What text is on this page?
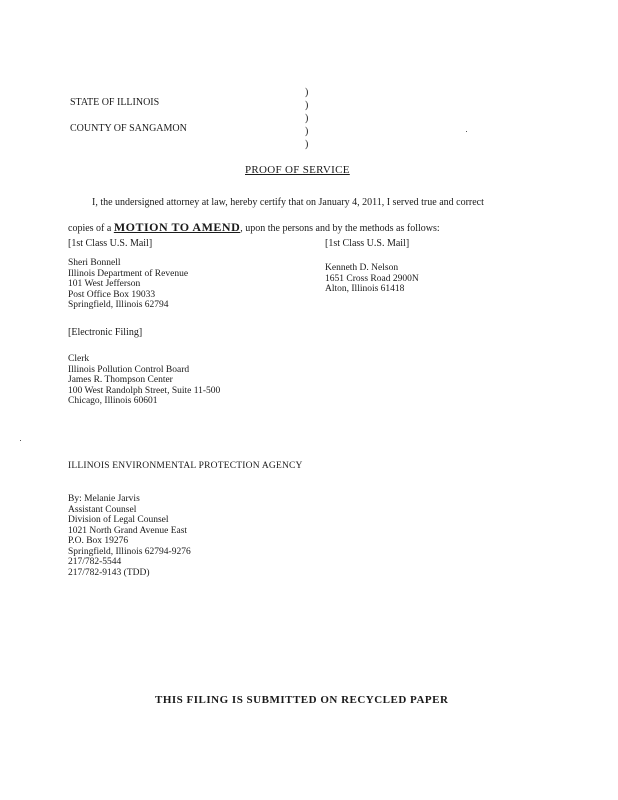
STATE OF ILLINOIS
COUNTY OF SANGAMON
)
)
)
)
)
PROOF OF SERVICE
I, the undersigned attorney at law, hereby certify that on January 4, 2011, I served true and correct
copies of a MOTION TO AMEND, upon the persons and by the methods as follows:
[1st Class U.S. Mail]	[1st Class U.S. Mail]
Sheri Bonnell
Illinois Department of Revenue
101 West Jefferson
Post Office Box 19033
Springfield, Illinois 62794
Kenneth D. Nelson
1651 Cross Road 2900N
Alton, Illinois 61418
[Electronic Filing]
Clerk
Illinois Pollution Control Board
James R. Thompson Center
100 West Randolph Street, Suite 11-500
Chicago, Illinois 60601
ILLINOIS ENVIRONMENTAL PROTECTION AGENCY
By: Melanie Jarvis
Assistant Counsel
Division of Legal Counsel
1021 North Grand Avenue East
P.O. Box 19276
Springfield, Illinois 62794-9276
217/782-5544
217/782-9143 (TDD)
THIS FILING IS SUBMITTED ON RECYCLED PAPER
